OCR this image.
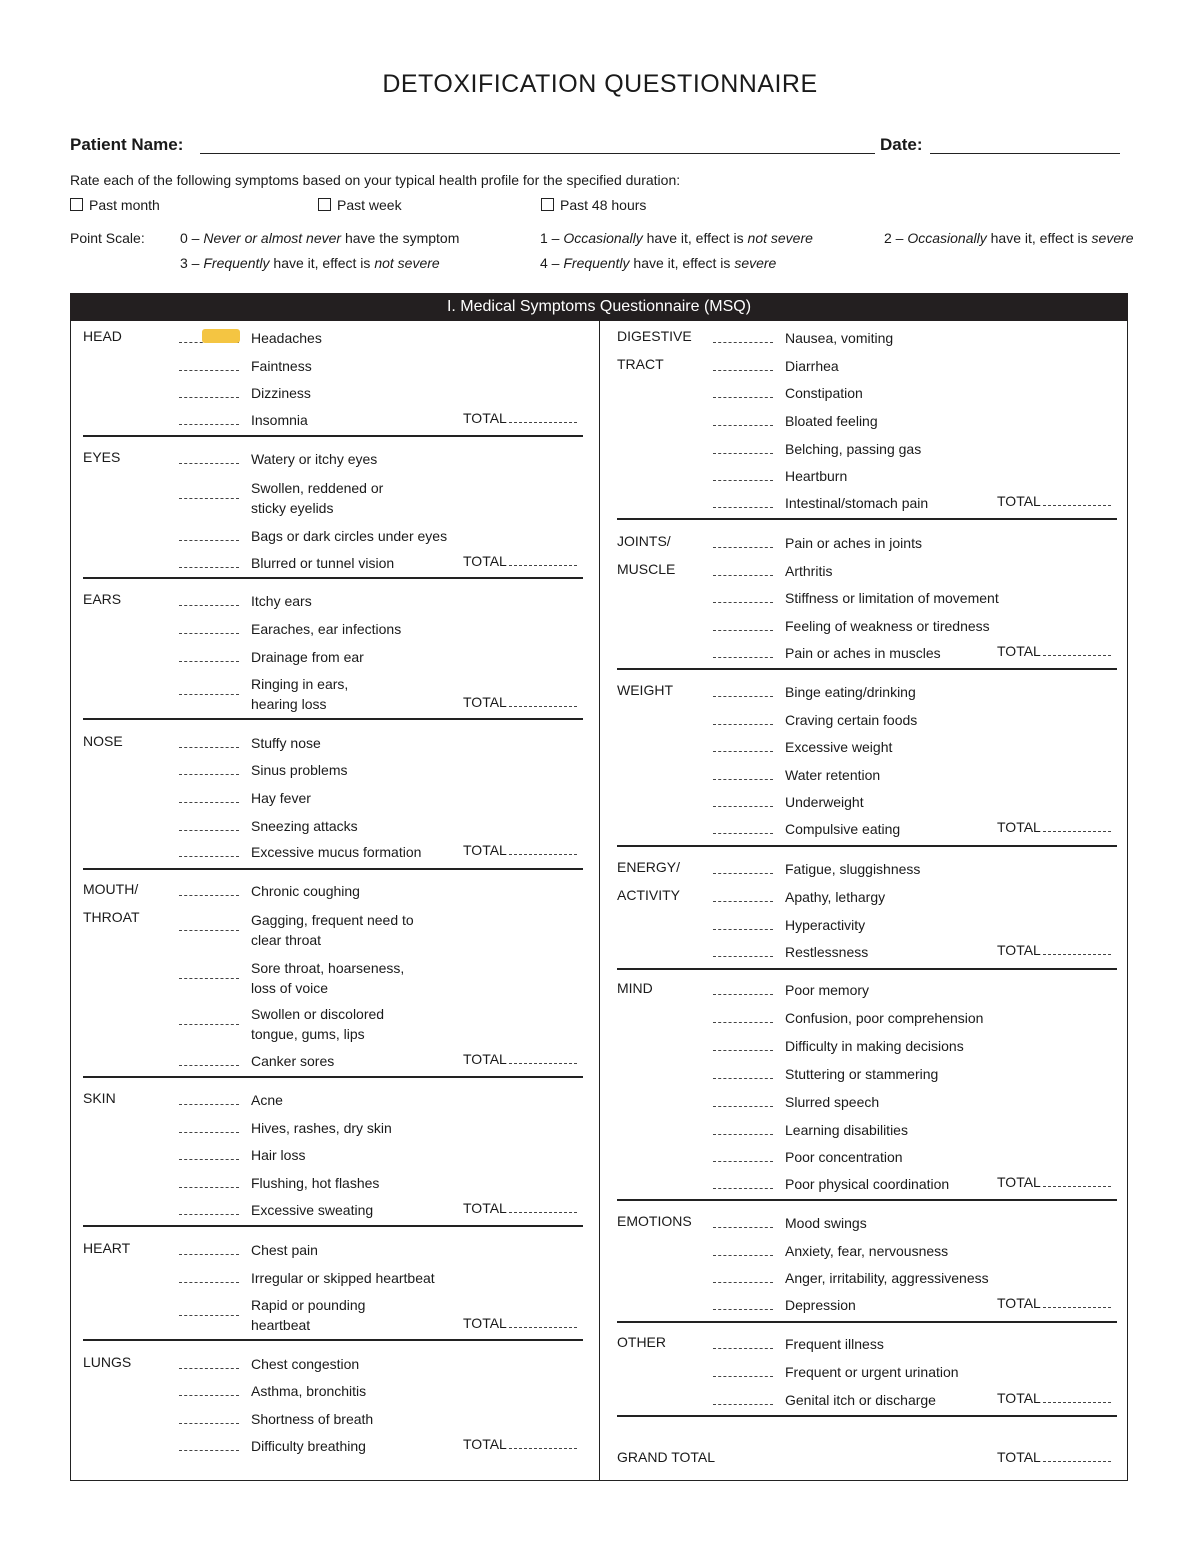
DETOXIFICATION QUESTIONNAIRE
Patient Name:	Date:
Rate each of the following symptoms based on your typical health profile for the specified duration:
Past month	Past week	Past 48 hours
Point Scale:	0 – Never or almost never have the symptom	1 – Occasionally have it, effect is not severe	2 – Occasionally have it, effect is severe
3 – Frequently have it, effect is not severe	4 – Frequently have it, effect is severe
I. Medical Symptoms Questionnaire (MSQ)
HEAD	Headaches
Faintness
Dizziness
Insomnia	TOTAL
EYES	Watery or itchy eyes
Swollen, reddened or
sticky eyelids
Bags or dark circles under eyes
Blurred or tunnel vision	TOTAL
EARS	Itchy ears
Earaches, ear infections
Drainage from ear
Ringing in ears,
hearing loss	TOTAL
NOSE	Stuffy nose
Sinus problems
Hay fever
Sneezing attacks
Excessive mucus formation	TOTAL
MOUTH/
THROAT
Chronic coughing
Gagging, frequent need to
clear throat
Sore throat, hoarseness,
loss of voice
Swollen or discolored
tongue, gums, lips
Canker sores	TOTAL
SKIN	Acne
Hives, rashes, dry skin
Hair loss
Flushing, hot flashes
Excessive sweating	TOTAL
HEART	Chest pain
Irregular or skipped heartbeat
Rapid or pounding
heartbeat	TOTAL
LUNGS	Chest congestion
Asthma, bronchitis
Shortness of breath
Difficulty breathing	TOTAL
DIGESTIVE
TRACT
Nausea, vomiting
Diarrhea
Constipation
Bloated feeling
Belching, passing gas
Heartburn
Intestinal/stomach pain	TOTAL
JOINTS/
MUSCLE
Pain or aches in joints
Arthritis
Stiffness or limitation of movement
Feeling of weakness or tiredness
Pain or aches in muscles	TOTAL
WEIGHT	Binge eating/drinking
Craving certain foods
Excessive weight
Water retention
Underweight
Compulsive eating	TOTAL
ENERGY/
ACTIVITY
Fatigue, sluggishness
Apathy, lethargy
Hyperactivity
Restlessness	TOTAL
MIND	Poor memory
Confusion, poor comprehension
Difficulty in making decisions
Stuttering or stammering
Slurred speech
Learning disabilities
Poor concentration
Poor physical coordination	TOTAL
EMOTIONS	Mood swings
Anxiety, fear, nervousness
Anger, irritability, aggressiveness
Depression	TOTAL
OTHER	Frequent illness
Frequent or urgent urination
Genital itch or discharge	TOTAL
GRAND TOTAL	TOTAL
